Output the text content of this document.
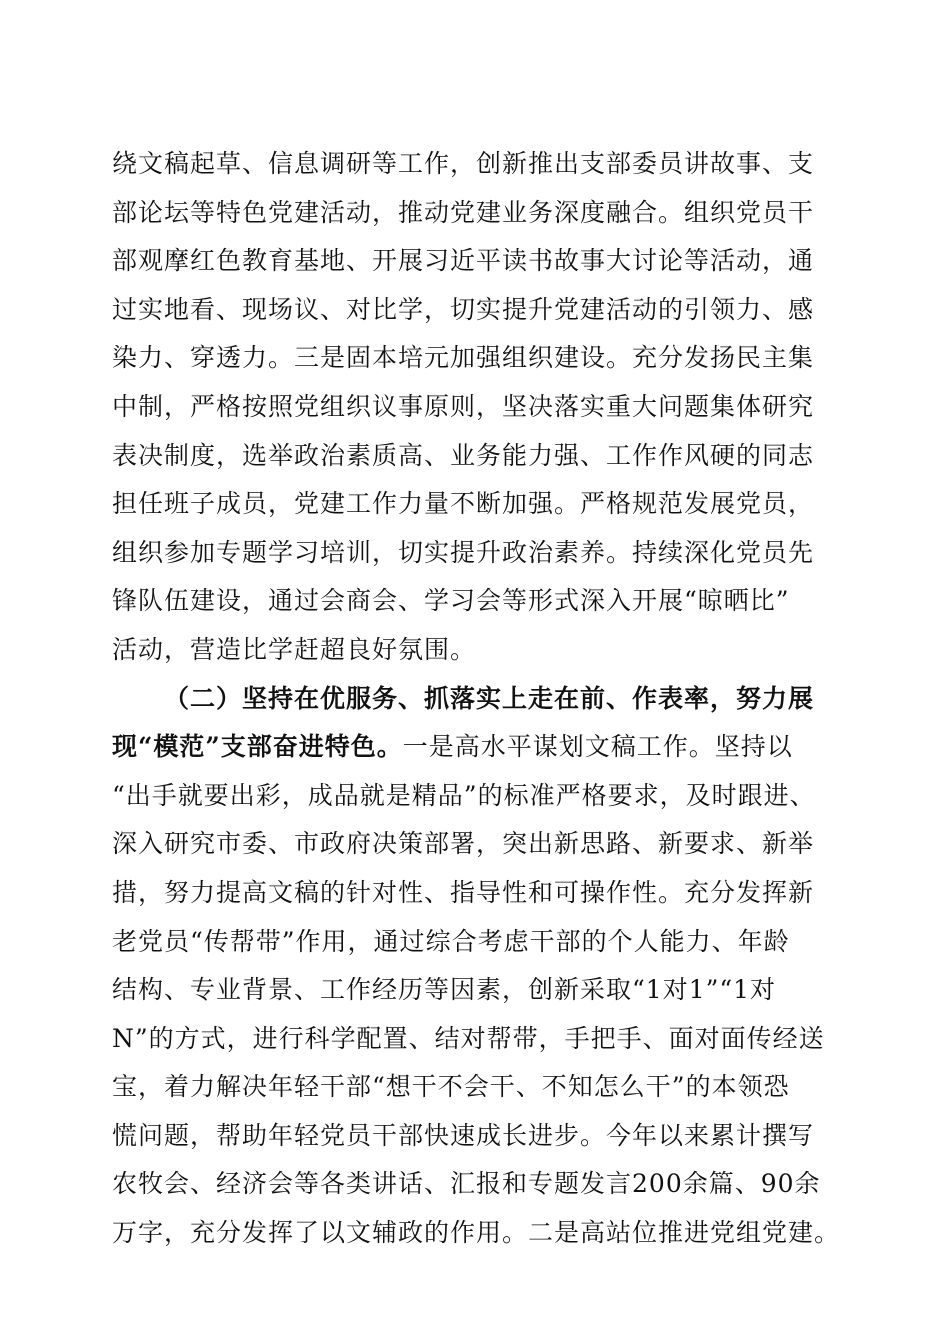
绕文稿起草、信息调研等工作，创新推出支部委员讲故事、支
部论坛等特色党建活动，推动党建业务深度融合。组织党员干
部观摩红色教育基地、开展习近平读书故事大讨论等活动，通
过实地看、现场议、对比学，切实提升党建活动的引领力、感
染力、穿透力。三是固本培元加强组织建设。充分发扬民主集
中制，严格按照党组织议事原则，坚决落实重大问题集体研究
表决制度，选举政治素质高、业务能力强、工作作风硬的同志
担任班子成员，党建工作力量不断加强。严格规范发展党员，
组织参加专题学习培训，切实提升政治素养。持续深化党员先
锋队伍建设，通过会商会、学习会等形式深入开展“晾晒比”
活动，营造比学赶超良好氛围。
（二）坚持在优服务、抓落实上走在前、作表率，努力展
现“模范”支部奋进特色。一是高水平谋划文稿工作。坚持以
“出手就要出彩，成品就是精品”的标准严格要求，及时跟进、
深入研究市委、市政府决策部署，突出新思路、新要求、新举
措，努力提高文稿的针对性、指导性和可操作性。充分发挥新
老党员“传帮带”作用，通过综合考虑干部的个人能力、年龄
结构、专业背景、工作经历等因素，创新采取“1对1”“1对
N”的方式，进行科学配置、结对帮带，手把手、面对面传经送
宝，着力解决年轻干部“想干不会干、不知怎么干”的本领恐
慌问题，帮助年轻党员干部快速成长进步。今年以来累计撰写
农牧会、经济会等各类讲话、汇报和专题发言200余篇、90余
万字，充分发挥了以文辅政的作用。二是高站位推进党组党建。
